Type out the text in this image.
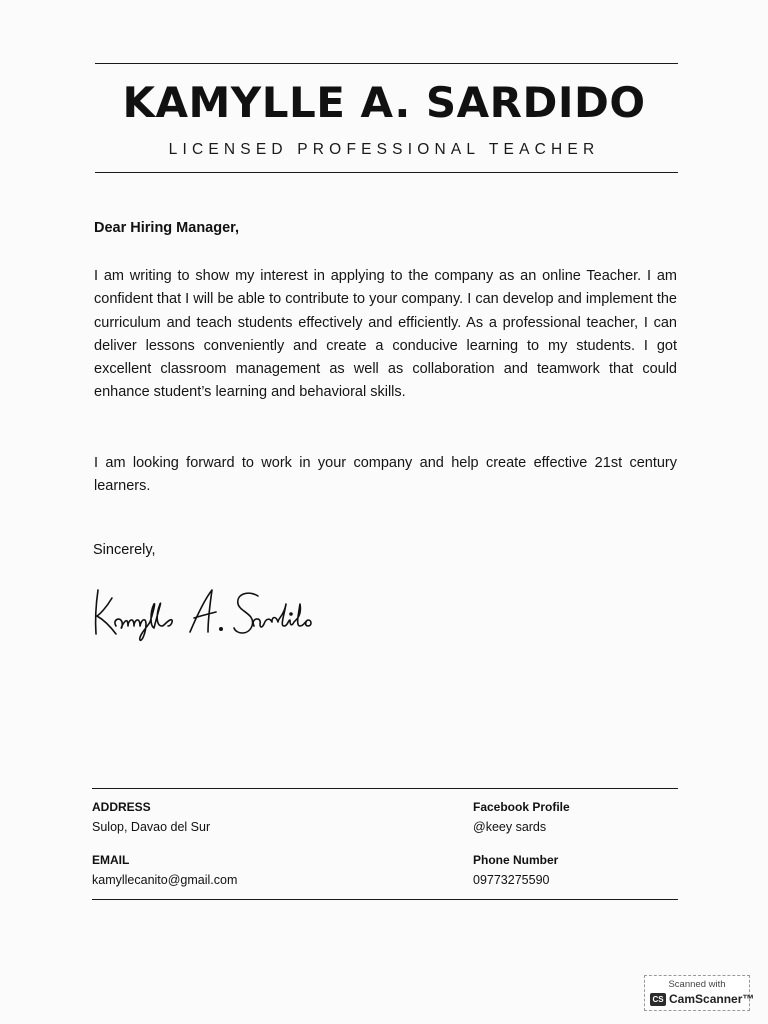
KAMYLLE A. SARDIDO
LICENSED PROFESSIONAL TEACHER
Dear Hiring Manager,

I am writing to show my interest in applying to the company as an online Teacher. I am confident that I will be able to contribute to your company. I can develop and implement the curriculum and teach students effectively and efficiently. As a professional teacher, I can deliver lessons conveniently and create a conducive learning to my students. I got excellent classroom management as well as collaboration and teamwork that could enhance student’s learning and behavioral skills.

I am looking forward to work in your company and help create effective 21st century learners.

Sincerely,
ADDRESS
Sulop, Davao del Sur
EMAIL
kamyllecanito@gmail.com
Facebook Profile
@keey sards
Phone Number
09773275590
Scanned with
CS CamScanner™
